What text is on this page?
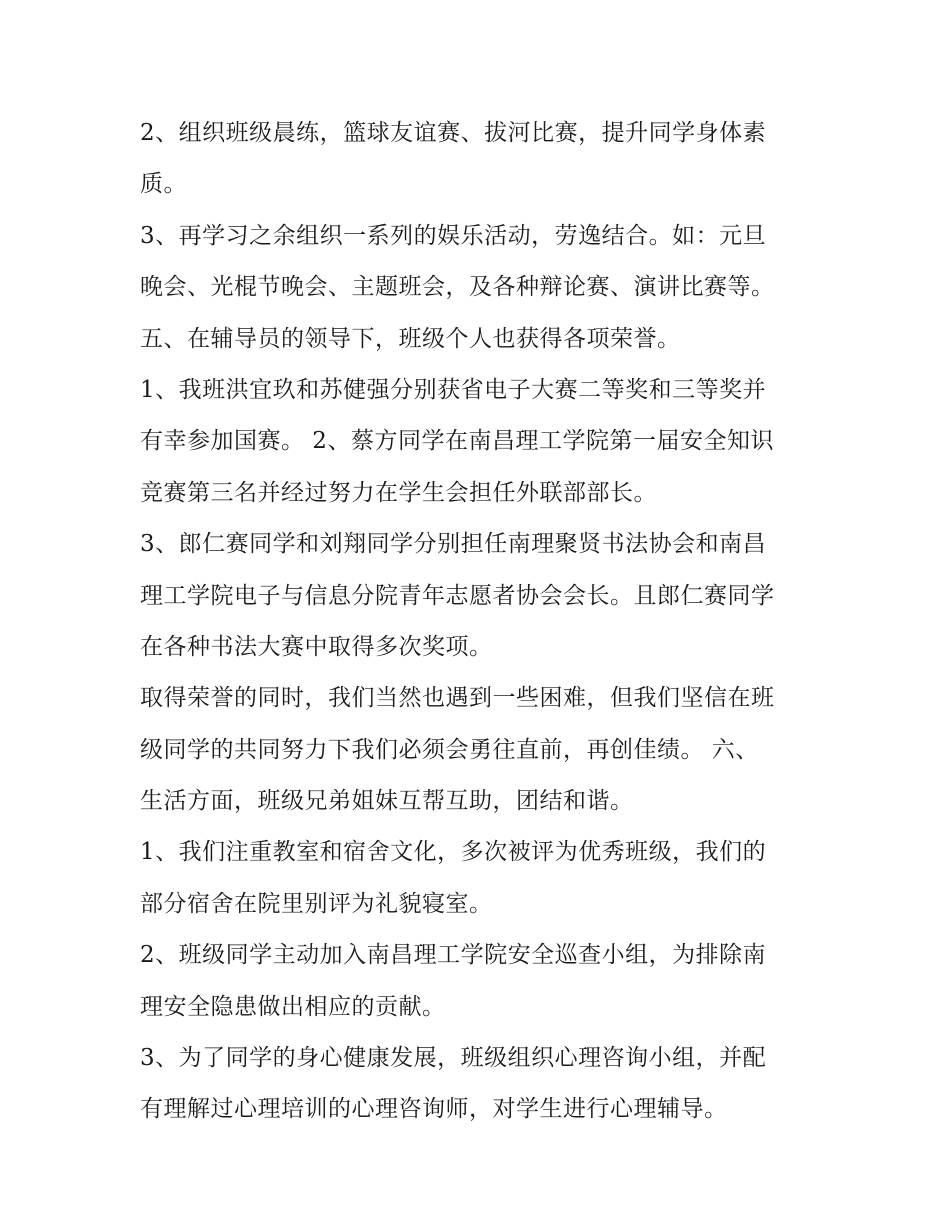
2、组织班级晨练，篮球友谊赛、拔河比赛，提升同学身体素
质。
3、再学习之余组织一系列的娱乐活动，劳逸结合。如：元旦
晚会、光棍节晚会、主题班会，及各种辩论赛、演讲比赛等。
五、在辅导员的领导下，班级个人也获得各项荣誉。
1、我班洪宜玖和苏健强分别获省电子大赛二等奖和三等奖并
有幸参加国赛。 2、蔡方同学在南昌理工学院第一届安全知识
竞赛第三名并经过努力在学生会担任外联部部长。
3、郎仁赛同学和刘翔同学分别担任南理聚贤书法协会和南昌
理工学院电子与信息分院青年志愿者协会会长。且郎仁赛同学
在各种书法大赛中取得多次奖项。
取得荣誉的同时，我们当然也遇到一些困难，但我们坚信在班
级同学的共同努力下我们必须会勇往直前，再创佳绩。 六、
生活方面，班级兄弟姐妹互帮互助，团结和谐。
1、我们注重教室和宿舍文化，多次被评为优秀班级，我们的
部分宿舍在院里别评为礼貌寝室。
2、班级同学主动加入南昌理工学院安全巡查小组，为排除南
理安全隐患做出相应的贡献。
3、为了同学的身心健康发展，班级组织心理咨询小组，并配
有理解过心理培训的心理咨询师，对学生进行心理辅导。
